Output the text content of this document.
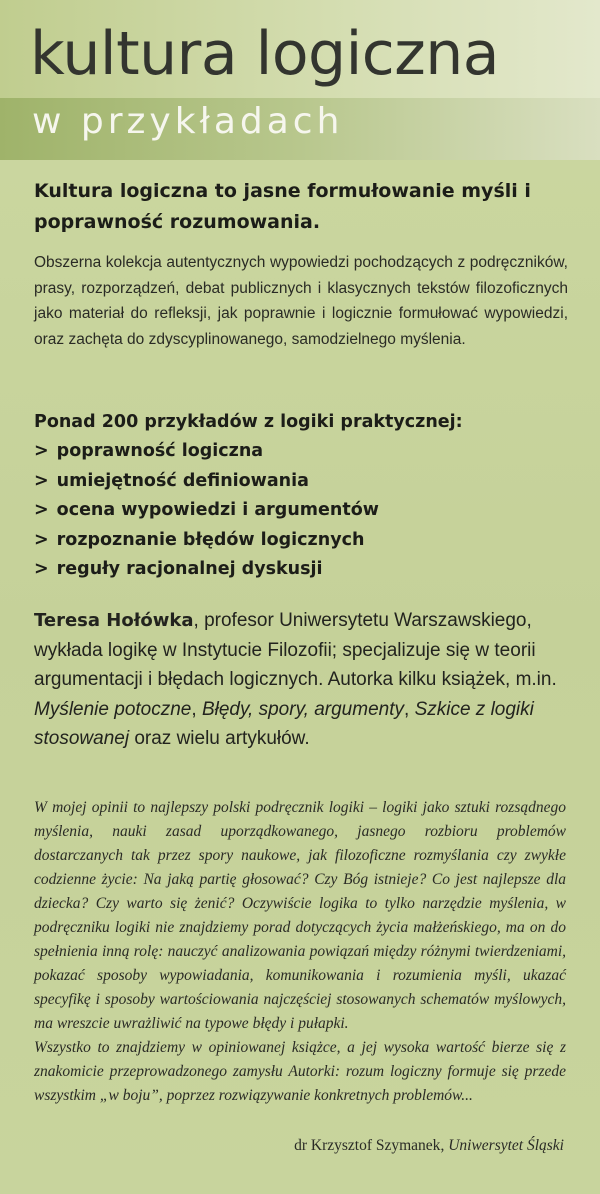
kultura logiczna
w przykładach
Kultura logiczna to jasne formułowanie myśli i poprawność rozumowania.
Obszerna kolekcja autentycznych wypowiedzi pochodzących z podręczników, prasy, rozporządzeń, debat publicznych i klasycznych tekstów filozoficznych jako materiał do refleksji, jak poprawnie i logicznie formułować wypowiedzi, oraz zachęta do zdyscyplinowanego, samodzielnego myślenia.
Ponad 200 przykładów z logiki praktycznej:
> poprawność logiczna
> umiejętność definiowania
> ocena wypowiedzi i argumentów
> rozpoznanie błędów logicznych
> reguły racjonalnej dyskusji
Teresa Hołówka, profesor Uniwersytetu Warszawskiego, wykłada logikę w Instytucie Filozofii; specjalizuje się w teorii argumentacji i błędach logicznych. Autorka kilku książek, m.in. Myślenie potoczne, Błędy, spory, argumenty, Szkice z logiki stosowanej oraz wielu artykułów.

W mojej opinii to najlepszy polski podręcznik logiki – logiki jako sztuki rozsądnego myślenia, nauki zasad uporządkowanego, jasnego rozbioru problemów dostarczanych tak przez spory naukowe, jak filozoficzne rozmyślania czy zwykłe codzienne życie: Na jaką partię głosować? Czy Bóg istnieje? Co jest najlepsze dla dziecka? Czy warto się żenić? Oczywiście logika to tylko narzędzie myślenia, w podręczniku logiki nie znajdziemy porad dotyczących życia małżeńskiego, ma on do spełnienia inną rolę: nauczyć analizowania powiązań między różnymi twierdzeniami, pokazać sposoby wypowiadania, komunikowania i rozumienia myśli, ukazać specyfikę i sposoby wartościowania najczęściej stosowanych schematów myślowych, ma wreszcie uwrażliwić na typowe błędy i pułapki.

Wszystko to znajdziemy w opiniowanej książce, a jej wysoka wartość bierze się z znakomicie przeprowadzonego zamysłu Autorki: rozum logiczny formuje się przede wszystkim „w boju”, poprzez rozwiązywanie konkretnych problemów...

dr Krzysztof Szymanek, Uniwersytet Śląski
